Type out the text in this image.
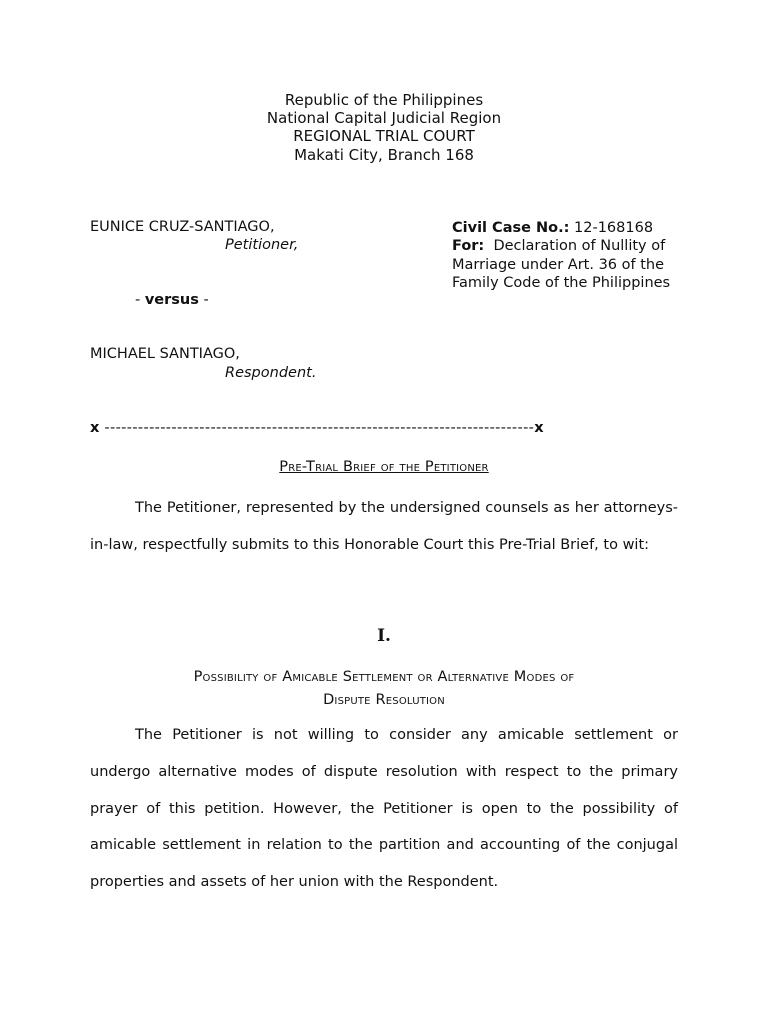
Republic of the Philippines
National Capital Judicial Region
REGIONAL TRIAL COURT
Makati City, Branch 168
EUNICE CRUZ-SANTIAGO,
Petitioner,
- versus -
MICHAEL SANTIAGO,
Respondent.
Civil Case No.: 12-168168
For:  Declaration of Nullity of
Marriage under Art. 36 of the
Family Code of the Philippines
x -----------------------------------------------------------------------------x
Pre-Trial Brief of the Petitioner
The Petitioner, represented by the undersigned counsels as her attorneys-in-law, respectfully submits to this Honorable Court this Pre-Trial Brief, to wit:
I.
Possibility of Amicable Settlement or Alternative Modes of
Dispute Resolution
The Petitioner is not willing to consider any amicable settlement or undergo alternative modes of dispute resolution with respect to the primary prayer of this petition. However, the Petitioner is open to the possibility of amicable settlement in relation to the partition and accounting of the conjugal properties and assets of her union with the Respondent.
